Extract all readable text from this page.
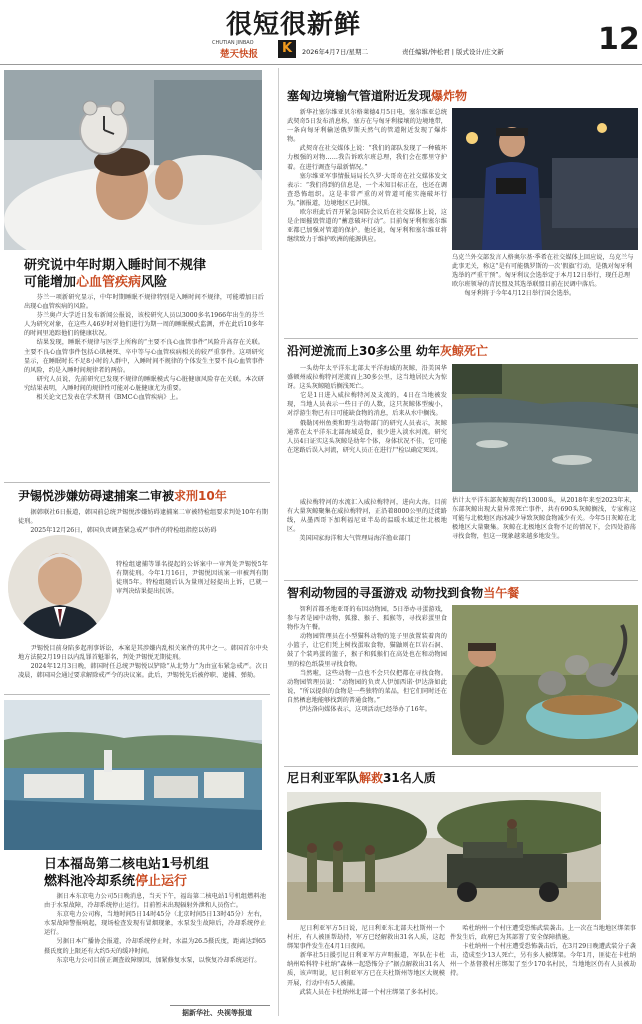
很短很新鲜
CHUTIAN JINBAO
楚天快报	K	2026年4月7日/星期二	责任编辑/钟松君 | 版式设计/庄文新	12
研究说中年时期入睡时间不规律
可能增加心血管疾病风险
　　芬兰一项新研究显示，中年时期睡眠不规律特别是入睡时间不规律，可能增加日后出现心血管疾病的风险。
　　芬兰奥卢大学近日发布新闻公报说，该校研究人员以3000多名1966年出生的芬兰人为研究对象，在这些人46岁时对他们进行为期一周的睡眠模式监测，并在此后10多年的时间里追踪他们的健康状况。
　　结果发现，睡眠不规律与医学上所称的“主要不良心血管事件”风险升高存在关联。主要不良心血管事件包括心肌梗死、卒中等与心血管疾病相关的较严重事件。这项研究显示，在睡眠时长不足8小时的人群中，入睡时间不规律的个体发生主要不良心血管事件的风险，约是入睡时间规律者的两倍。
　　研究人员说，先前研究已发现不规律的睡眠模式与心脏健康风险存在关联。本次研究结果表明，入睡时间的规律性可能对心脏健康尤为重要。
　　相关论文已发表在学术期刊《BMC心血管疾病》上。
尹锡悦涉嫌妨碍逮捕案二审被求刑10年
　　据韩联社6日报道，韩国前总统尹锡悦涉嫌妨碍逮捕案二审被特检组要求判处10年有期徒刑。
　　2025年12月26日，韩国负责调查紧急戒严事件的特检组指控以妨碍
特检组逮捕等罪名提起的公诉案中一审判处尹锡悦5年有期徒刑。今年1月16日，尹锡悦因该案一审被判有期徒刑5年。特检组随后认为量刑过轻提出上诉，已就一审判决结果提出抗诉。
　　尹锡悦目前身陷多起刑事诉讼，本案是其涉嫌内乱相关案件的其中之一。韩国首尔中央地方法院2月19日以内乱罪首魁罪名，判处尹锡悦无期徒刑。
　　2024年12月3日晚，韩国时任总统尹锡悦以铲除“从北势力”为由宣布紧急戒严。次日凌晨，韩国国会通过要求解除戒严令的决议案。此后，尹锡悦先后被停职、逮捕、弹劾。
日本福岛第二核电站1号机组
燃料池冷却系统停止运行
　　据日本东京电力公司5日晚消息，当天下午，福岛第二核电站1号机组燃料池由于水泵故障，冷却系统停止运行。目前暂未出现辐射外泄和人员伤亡。
　　东京电力公司称，当地时间5日14时45分（北京时间5日13时45分）左右，水泵故障警报响起，现场检查发现有冒烟现象，水泵发生故障后，冷却系统停止运行。
　　另据日本广播协会报道，冷却系统停止时，水温为26.5摄氏度，距离达到65摄氏度的上限还有大约5天的缓冲时间。
　　东京电力公司目前正调查故障原因，加紧修复水泵，以恢复冷却系统运行。
据新华社、央视等报道
塞匈边境输气管道附近发现爆炸物
　　新华社塞尔维亚贝尔格莱德4月5日电，塞尔维亚总统武契奇5日发布消息称，塞方在与匈牙利接壤的边境地带，一条向匈牙利输送俄罗斯天然气的管道附近发现了爆炸物。
　　武契奇在社交媒体上说：“我们的部队发现了一种破坏力极强的对物……我告诉欧尔班总理，我们会在那里守护着。在进行调查与最新情况。”
　　塞尔维亚军事情报局局长久罗·大哥奇在社交媒体发文表示：“我们得到的信息是，一个未知目标正在，也还在调查恐怖组织。这是非常严重的对管道可能实施破坏行为。”据报道，边境地区已封锁。
　　欧尔班此后召开紧急国防会议后在社交媒体上说，这是企图摧毁管道的“蓄意破坏行动”。目前匈牙利和塞尔维亚都已加强对管道的保护。他还说，匈牙利和塞尔维亚将继续致力于维护欧洲的能源供应。
乌克兰外交部发言人格奥尔基·季希在社交媒体上回应说，乌克兰与此事无关，称这“是有可能俄罗斯的一次‘假旗’行动，是俄对匈牙利选举的严重干预”。匈牙利议会选举定于本月12日举行，现任总理欧尔班领导的青民盟及其选举联盟目前在民调中落后。
　　匈牙利将于今年4月12日举行国会选举。
沿河逆流而上30多公里 幼年灰鲸死亡
　　一头幼年太平洋东北部太平洋海域的灰鲸，沿美国华盛顿州威拉梅特河逆流而上30多公里，这当地居民大为惊讶。这头灰鲸随后搁浅死亡。
　　它是1日进入威拉梅特河及支流的，4日在当地被发现，当地人员表示一些日子的人数，这只灰鲸体型瘦小，对浮游生物已有日可能缺食物的消息，后来从水中搁浅。
　　俄勒冈州鱼类和野生动物部门的研究人员表示，灰鲸通常在太平洋东北部海域觅食，很少进入淡水河流。研究人员4日证实这头灰鲸是幼年个体，身体状况不佳，它可能在迷路后误入河流，研究人员正在进行尸检以确定死因。
　　威拉梅特河的水流汇入威拉梅特河，进向大海。目前有大量灰鲸聚集在威拉梅特河，正沿着8000公里的迁徙路线，从墨西哥下加利福尼亚半岛的温暖水域迁往北极地区。
　　美国国家海洋和大气管理局海洋渔业部门
估计太平洋东部灰鲸现存约13000头，从2018年来至2023年末，东部灰鲸出现大量异常死亡事件，共有690头灰鲸搁浅，专家称这可能与北极地区海冰减少导致灰鲸食物减少有关。今年5日灰鲸在北极地区大量聚集。灰鲸在北极地区食物不足的情况下，会四处游荡寻找食物，但这一现象越来越多地发生。
智利动物园的寻蛋游戏 动物找到食物当午餐
　　智利首都圣地亚哥的布因动物园，5日举办寻蛋游戏，参与者是园中动物，狐獴、猴子、狐猴等，寻找彩蛋里食物作为午餐。
　　动物园管理员在小型猫科动物的笼子里放置装着肉的小篮子，让它们凭上树找蛋取食物，猫鼬则在巨岩石洞、鼓了个装鸡蛋的篮子，猴子和狐猴们在高处也在和动物园里的棕色纸袋里寻找食物。
　　当然啦，这些动物一点也不会只仅把都在寻找食物。动物园管理员说：“动物园的负责人伊加西诺·伊达洛如此说，“所以提供的食物是一些独特的菜品，但它们同时还在自然栖息地能够找到的普通食物。”
　　伊达洛向媒体表示，这项活动已经举办了16年。
尼日利亚军队解救31名人质
　　尼日利亚军方5日说，尼日利亚东北部夫杜斯州一个村庄，有人被匪帮劫持，军方已经解救出31名人质，这起绑架事件发生在4月1日夜间。
　　新华社5日援引尼日利亚军方声明报道，军队在卡杜纳州哈科特卡杜纳“森林一起恐怖分子”据点解救出31名人质，该声明说，尼日利亚军方已在夫杜斯州等地区大规模开展，行动中有5人被捕。
　　武装人员在卡杜纳州北部一个村庄绑架了多名村民。
　　哈杜纳州一个村庄遭受恐怖武装袭击。上一次在当地地区绑架事件发生后，政府已为其部署了安全保障措施。
　　卡杜纳州一个村庄遭受恐怖袭击后，在3月29日晚遭武装分子袭击，造成至少13人死亡，另有多人被绑架。今年1月，匪徒在卡杜纳州一个基督教村庄绑架了至少170名村民，当地地区仍有人员被劫持。
